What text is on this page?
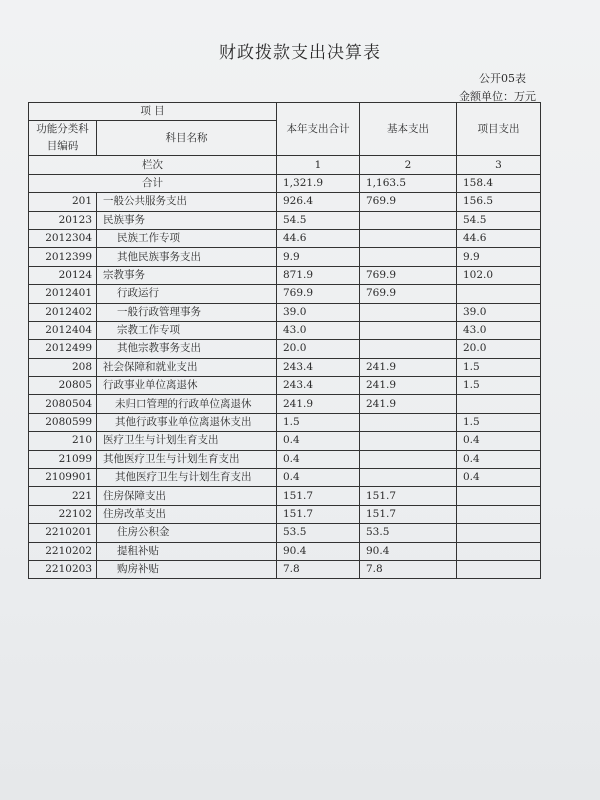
财政拨款支出决算表
公开05表
金额单位：万元
项 目		本年支出合计	基本支出	项目支出
功能分类科目编码	科目名称			
栏次		1	2	3
合计		1,321.9	1,163.5	158.4
201	一般公共服务支出	926.4	769.9	156.5
20123	民族事务	54.5		54.5
2012304	民族工作专项	44.6		44.6
2012399	其他民族事务支出	9.9		9.9
20124	宗教事务	871.9	769.9	102.0
2012401	行政运行	769.9	769.9	
2012402	一般行政管理事务	39.0		39.0
2012404	宗教工作专项	43.0		43.0
2012499	其他宗教事务支出	20.0		20.0
208	社会保障和就业支出	243.4	241.9	1.5
20805	行政事业单位离退休	243.4	241.9	1.5
2080504	未归口管理的行政单位离退休	241.9	241.9	
2080599	其他行政事业单位离退休支出	1.5		1.5
210	医疗卫生与计划生育支出	0.4		0.4
21099	其他医疗卫生与计划生育支出	0.4		0.4
2109901	其他医疗卫生与计划生育支出	0.4		0.4
221	住房保障支出	151.7	151.7	
22102	住房改革支出	151.7	151.7	
2210201	住房公积金	53.5	53.5	
2210202	提租补贴	90.4	90.4	
2210203	购房补贴	7.8	7.8	
